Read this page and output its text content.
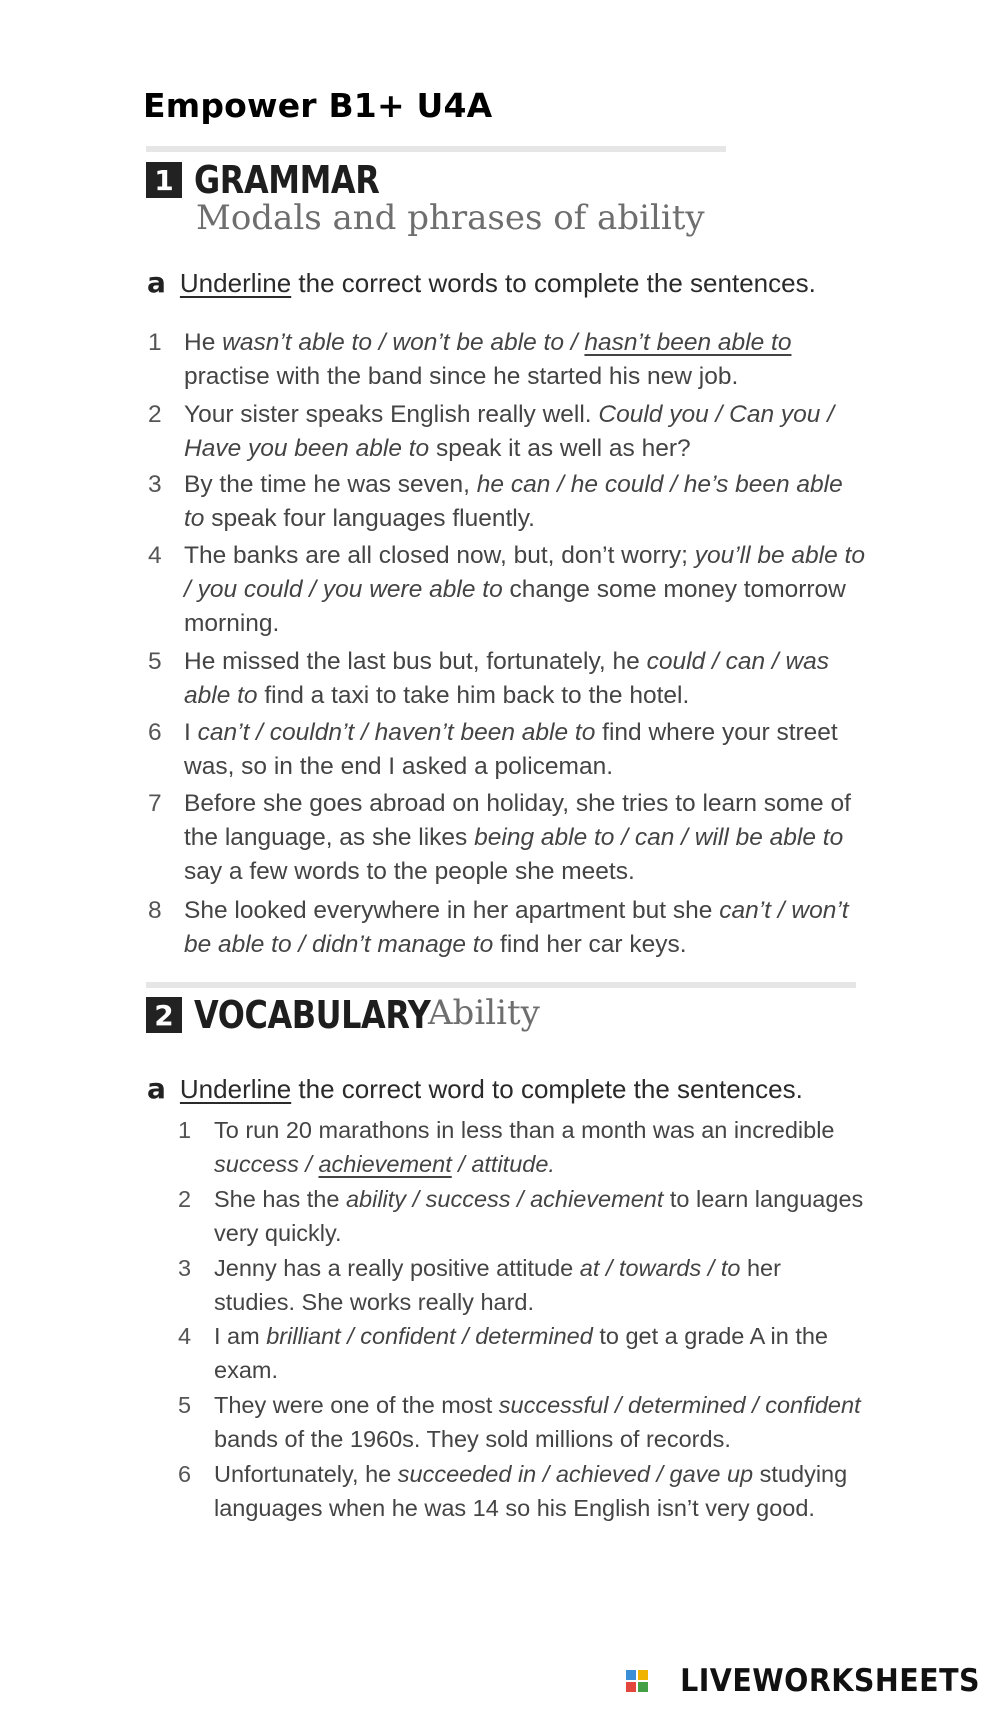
Empower B1+ U4A
1 GRAMMAR
Modals and phrases of ability
a Underline the correct words to complete the sentences.
1 He wasn’t able to / won’t be able to / hasn’t been able to practise with the band since he started his new job.
2 Your sister speaks English really well. Could you / Can you / Have you been able to speak it as well as her?
3 By the time he was seven, he can / he could / he’s been able to speak four languages fluently.
4 The banks are all closed now, but, don’t worry; you’ll be able to / you could / you were able to change some money tomorrow morning.
5 He missed the last bus but, fortunately, he could / can / was able to find a taxi to take him back to the hotel.
6 I can’t / couldn’t / haven’t been able to find where your street was, so in the end I asked a policeman.
7 Before she goes abroad on holiday, she tries to learn some of the language, as she likes being able to / can / will be able to say a few words to the people she meets.
8 She looked everywhere in her apartment but she can’t / won’t be able to / didn’t manage to find her car keys.
2 VOCABULARY
Ability
a Underline the correct word to complete the sentences.
1 To run 20 marathons in less than a month was an incredible success / achievement / attitude.
2 She has the ability / success / achievement to learn languages very quickly.
3 Jenny has a really positive attitude at / towards / to her studies. She works really hard.
4 I am brilliant / confident / determined to get a grade A in the exam.
5 They were one of the most successful / determined / confident bands of the 1960s. They sold millions of records.
6 Unfortunately, he succeeded in / achieved / gave up studying languages when he was 14 so his English isn’t very good.
LIVEWORKSHEETS
